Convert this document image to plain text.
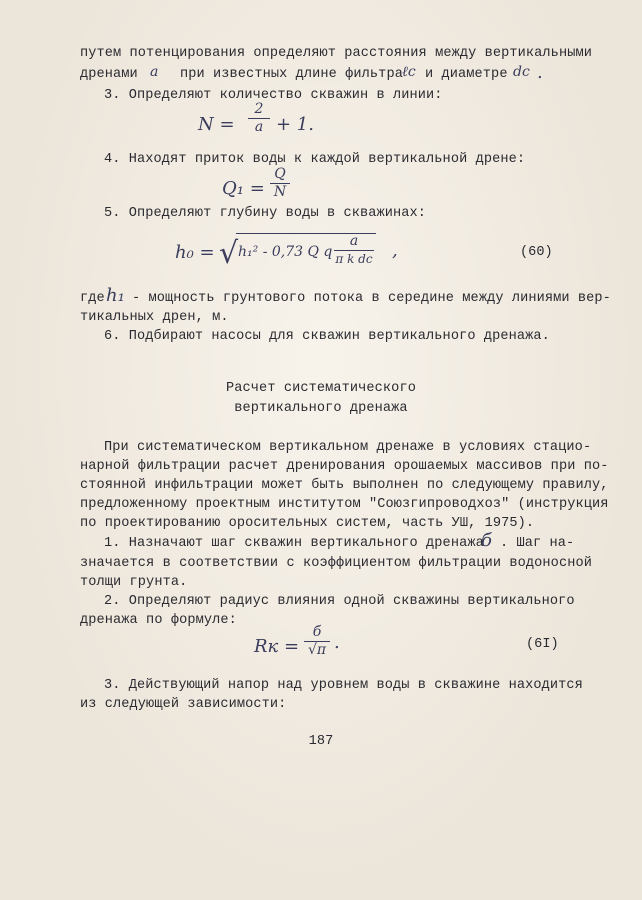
путем потенцирования определяют расстояния между вертикальными
дренами a при известных длине фильтра ℓc и диаметре dc .
3. Определяют количество скважин в линии:
N =
2
a + 1.
4. Находят приток воды к каждой вертикальной дрене:
Q₁ =
Q
N
5. Определяют глубину воды в скважинах:
h₀ = √ h₁² - 0,73 Q q
a
π k dc ,	(60)
где h₁ - мощность грунтового потока в середине между линиями вер-
тикальных дрен, м.
6. Подбирают насосы для скважин вертикального дренажа.
Расчет систематического
вертикального дренажа
При систематическом вертикальном дренаже в условиях стацио-
нарной фильтрации расчет дренирования орошаемых массивов при по-
стоянной инфильтрации может быть выполнен по следующему правилу,
предложенному проектным институтом "Союзгипроводхоз" (инструкция
по проектированию оросительных систем, часть УШ, 1975).
1. Назначают шаг скважин вертикального дренажа
б . Шаг на-
значается в соответствии с коэффициентом фильтрации водоносной
толщи грунта.
2. Определяют радиус влияния одной скважины вертикального
дренажа по формуле:
Rк =
б
√π .	(6I)
3. Действующий напор над уровнем воды в скважине находится
из следующей зависимости:
187
